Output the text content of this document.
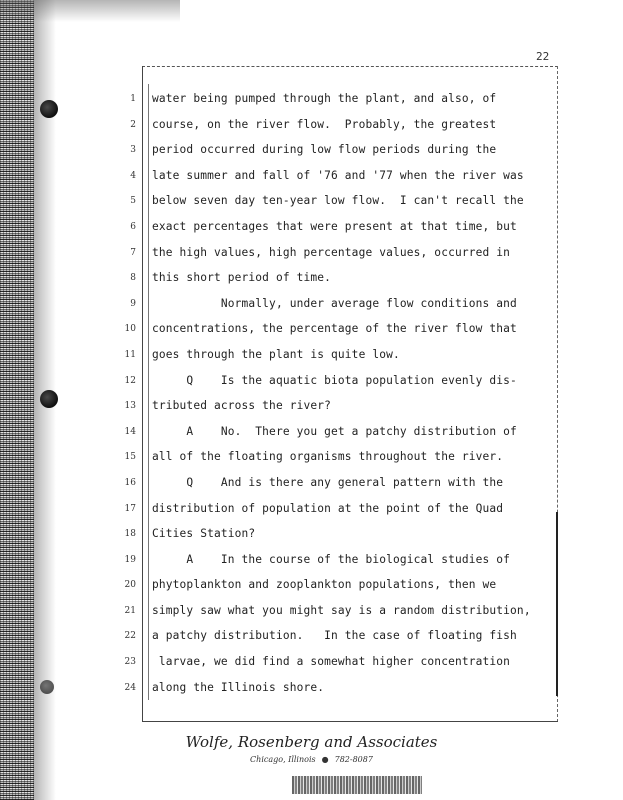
22
1
2
3
4
5
6
7
8
9
10
11
12
13
14
15
16
17
18
19
20
21
22
23
24
water being pumped through the plant, and also, of
course, on the river flow.  Probably, the greatest
period occurred during low flow periods during the
late summer and fall of '76 and '77 when the river was
below seven day ten-year low flow.  I can't recall the
exact percentages that were present at that time, but
the high values, high percentage values, occurred in
this short period of time.
Normally, under average flow conditions and
concentrations, the percentage of the river flow that
goes through the plant is quite low.
Q    Is the aquatic biota population evenly dis-
tributed across the river?
A    No.  There you get a patchy distribution of
all of the floating organisms throughout the river.
Q    And is there any general pattern with the
distribution of population at the point of the Quad
Cities Station?
A    In the course of the biological studies of
phytoplankton and zooplankton populations, then we
simply saw what you might say is a random distribution,
a patchy distribution.   In the case of floating fish
larvae, we did find a somewhat higher concentration
along the Illinois shore.
Wolfe, Rosenberg and Associates
Chicago, Illinois ● 782-8087
